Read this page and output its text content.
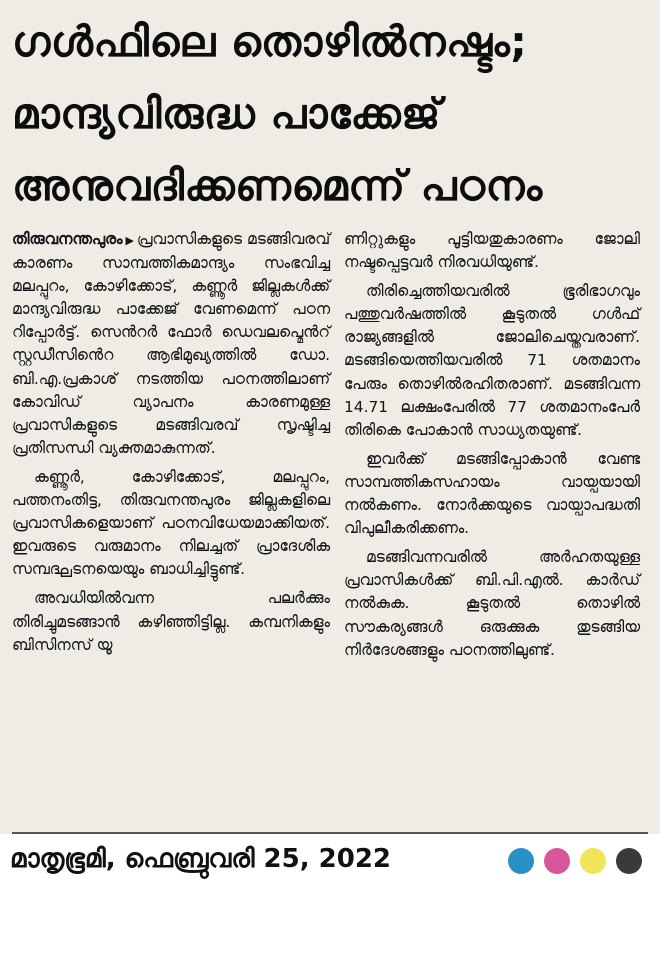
ഗൾഫിലെ തൊഴിൽനഷ്ടം;
മാന്ദ്യവിരുദ്ധ പാക്കേജ്
അനുവദിക്കണമെന്ന് പഠനം

തിരുവനന്തപുരം ▶ പ്രവാസികളുടെ മടങ്ങിവരവ് കാരണം സാമ്പത്തികമാന്ദ്യം സംഭവിച്ച മലപ്പുറം, കോഴിക്കോട്, കണ്ണൂർ ജില്ലകൾക്ക് മാന്ദ്യവിരുദ്ധ പാക്കേജ് വേണമെന്ന് പഠന റിപ്പോർട്ട്. സെൻറർ ഫോർ ഡെവലപ്മെൻറ് സ്റ്റഡീസിൻെറ ആഭിമുഖ്യത്തിൽ ഡോ. ബി.എ.പ്രകാശ് നടത്തിയ പഠനത്തിലാണ് കോവിഡ് വ്യാപനം കാരണമുള്ള പ്രവാസികളുടെ മടങ്ങിവരവ് സൃഷ്ടിച്ച പ്രതിസന്ധി വ്യക്തമാകുന്നത്.

കണ്ണൂർ, കോഴിക്കോട്, മലപ്പുറം, പത്തനംതിട്ട, തിരുവനന്തപുരം ജില്ലകളിലെ പ്രവാസികളെയാണ് പഠനവിധേയമാക്കിയത്. ഇവരുടെ വരുമാനം നിലച്ചത് പ്രാദേശിക സമ്പദ്ഘടനയെയും ബാധിച്ചിട്ടുണ്ട്.

അവധിയിൽവന്ന പലർക്കും തിരിച്ചുമടങ്ങാൻ കഴിഞ്ഞിട്ടില്ല. കമ്പനികളും ബിസിനസ് യൂ

ണിറ്റുകളും പൂട്ടിയതുകാരണം ജോലി നഷ്ടപ്പെട്ടവർ നിരവധിയുണ്ട്.

തിരിച്ചെത്തിയവരിൽ ഭൂരിഭാഗവും പത്തുവർഷത്തിൽ കൂടുതൽ ഗൾഫ് രാജ്യങ്ങളിൽ ജോലിചെയ്തവരാണ്. മടങ്ങിയെത്തിയവരിൽ 71 ശതമാനം പേരും തൊഴിൽരഹിതരാണ്. മടങ്ങിവന്ന 14.71 ലക്ഷംപേരിൽ 77 ശതമാനംപേർ തിരികെ പോകാൻ സാധ്യതയുണ്ട്.

ഇവർക്ക് മടങ്ങിപ്പോകാൻ വേണ്ട സാമ്പത്തികസഹായം വായ്പയായി നൽകണം. നോർക്കയുടെ വായ്പാപദ്ധതി വിപുലീകരിക്കണം.

മടങ്ങിവന്നവരിൽ അർഹതയുള്ള പ്രവാസികൾക്ക് ബി.പി.എൽ. കാർഡ് നൽകുക. കൂടുതൽ തൊഴിൽ സൗകര്യങ്ങൾ ഒരുക്കുക തുടങ്ങിയ നിർദേശങ്ങളും പഠനത്തിലുണ്ട്.

മാതൃഭൂമി, ഫെബ്രുവരി 25, 2022
